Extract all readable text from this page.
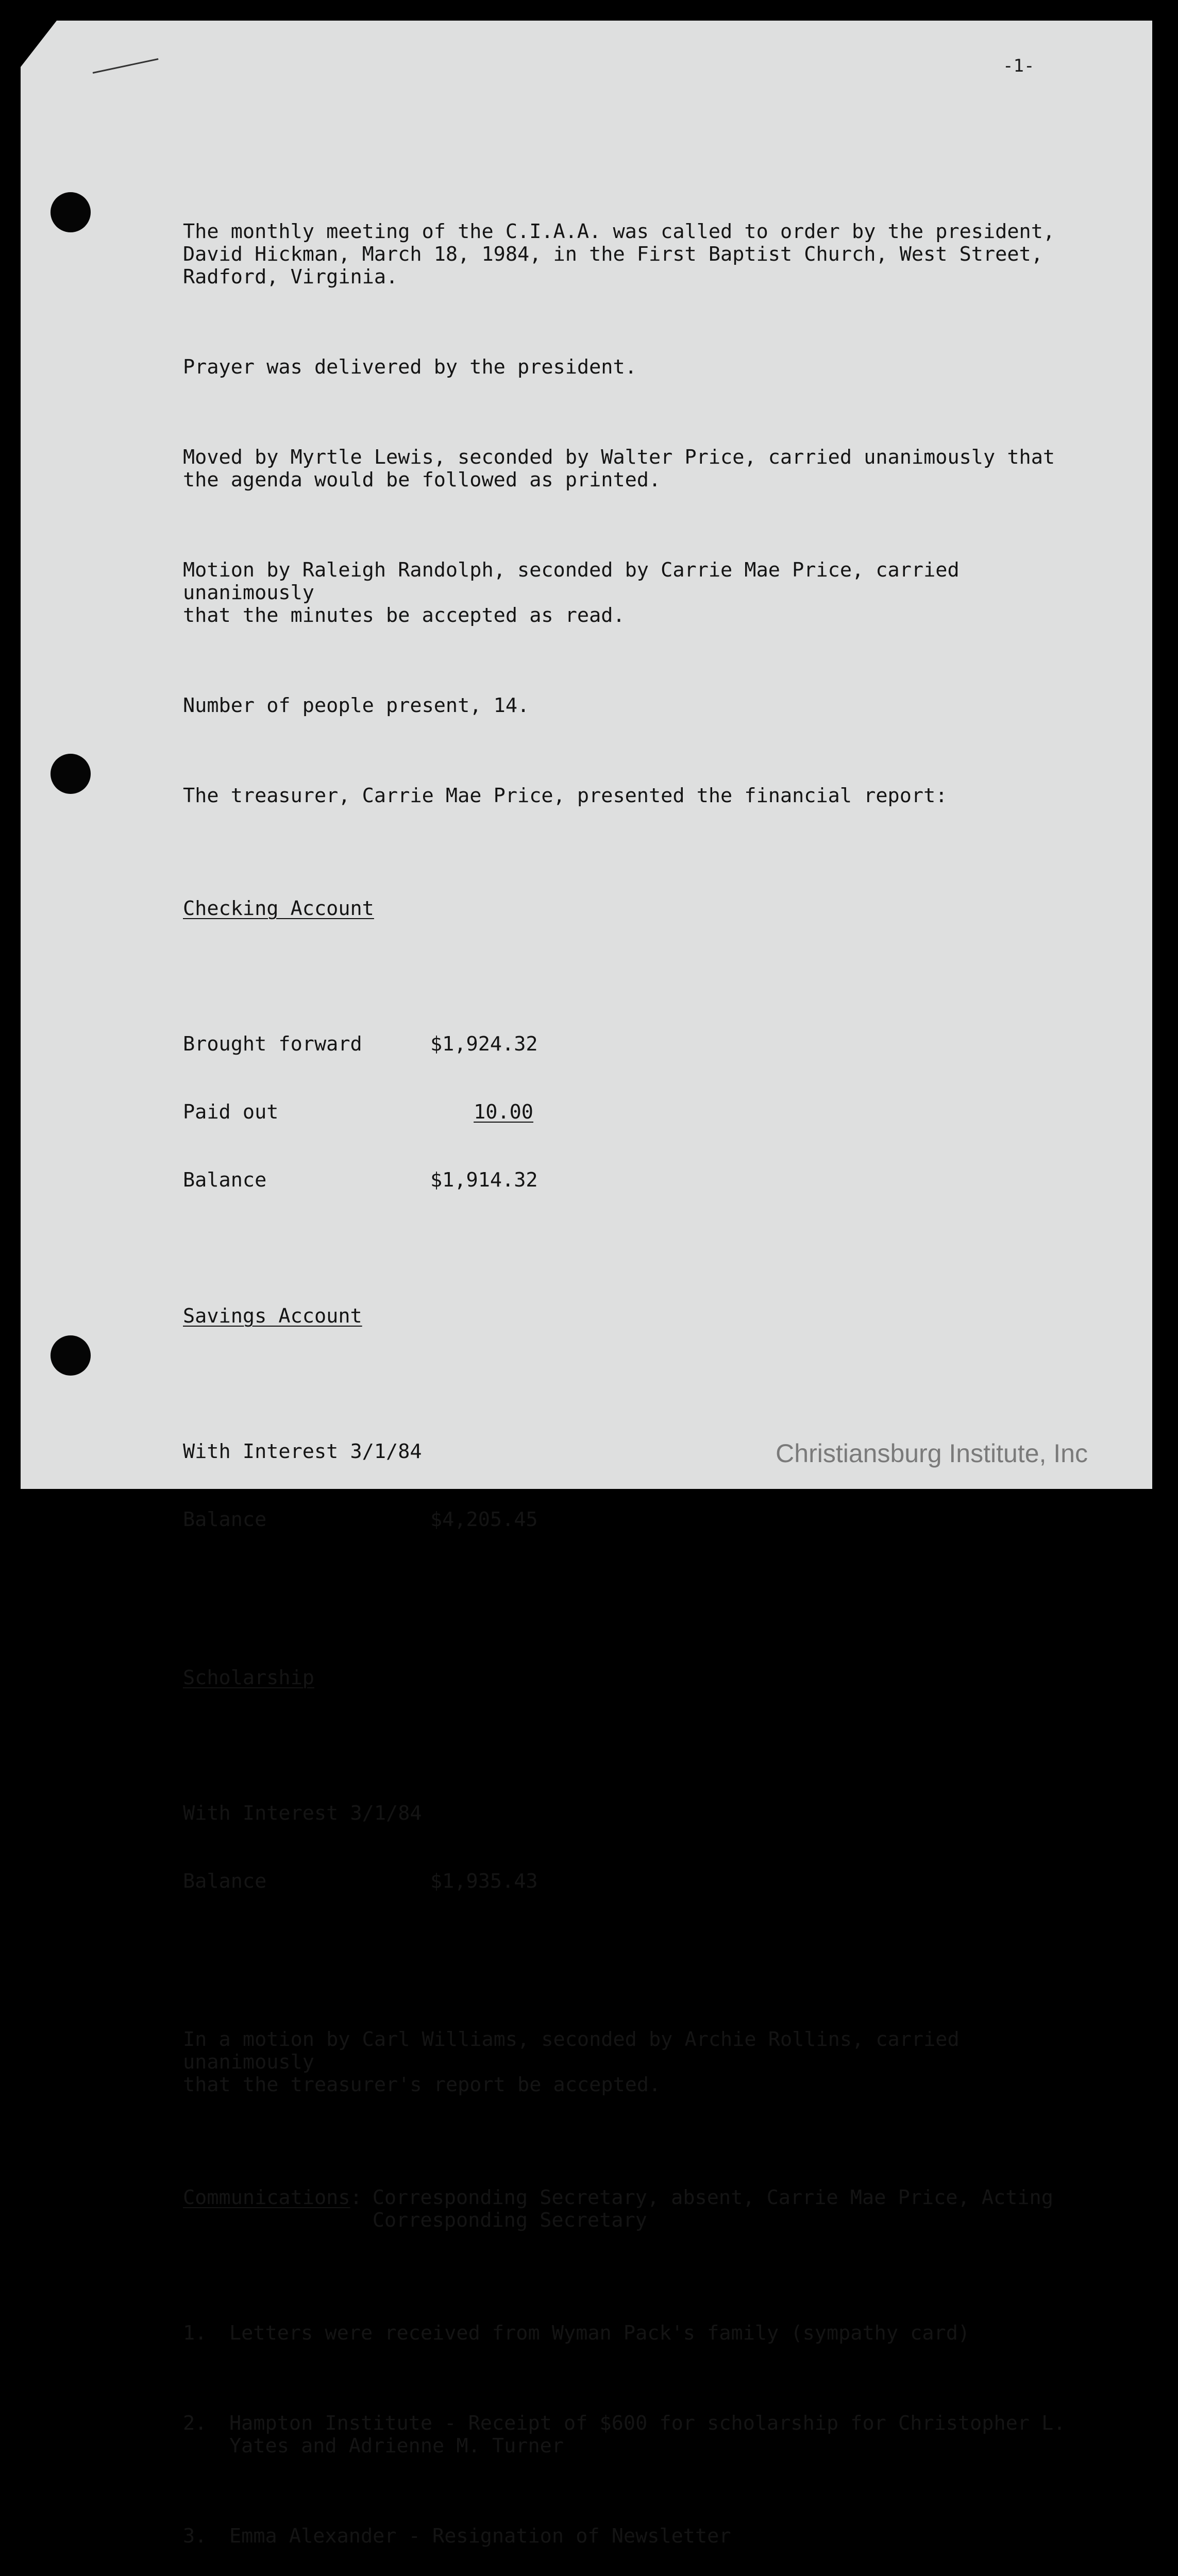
-1-

The monthly meeting of the C.I.A.A. was called to order by the president,
David Hickman, March 18, 1984, in the First Baptist Church, West Street,
Radford, Virginia.

Prayer was delivered by the president.

Moved by Myrtle Lewis, seconded by Walter Price, carried unanimously that
the agenda would be followed as printed.

Motion by Raleigh Randolph, seconded by Carrie Mae Price, carried unanimously
that the minutes be accepted as read.

Number of people present, 14.

The treasurer, Carrie Mae Price, presented the financial report:

Checking Account

Brought forward	$1,924.32

Paid out	10.00

Balance	$1,914.32

Savings Account

With Interest 3/1/84

Balance	$4,205.45

Scholarship

With Interest 3/1/84

Balance	$1,935.43

In a motion by Carl Williams, seconded by Archie Rollins, carried unanimously
that the treasurer's report be accepted.

Communications: Corresponding Secretary, absent, Carrie Mae Price, Acting
Corresponding Secretary

1.	Letters were received from Wyman Pack's family (sympathy card)

2.	Hampton Institute - Receipt of $600 for scholarship for Christopher L.
Yates and Adrienne M. Turner

3.	Emma Alexander - Resignation of Newsletter

Christiansburg Institute, Inc
